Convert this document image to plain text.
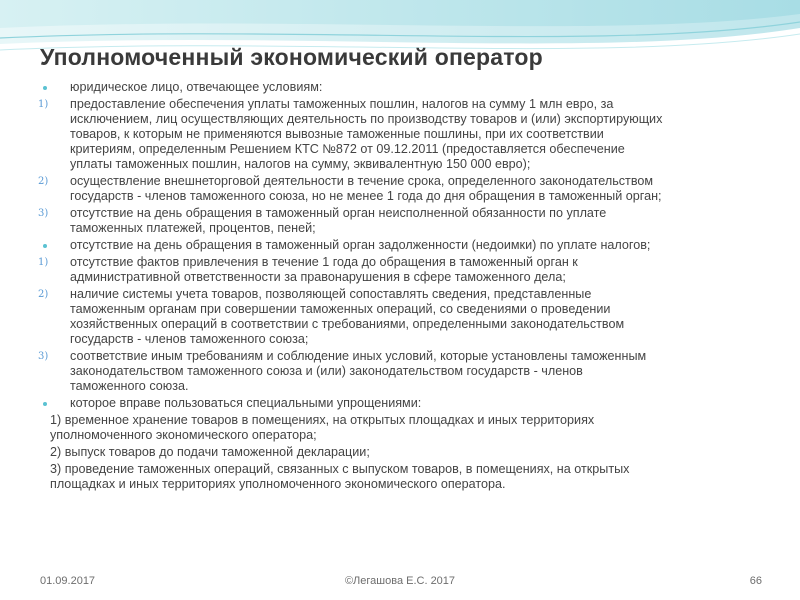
Уполномоченный экономический оператор
юридическое лицо, отвечающее условиям:
1) предоставление обеспечения уплаты таможенных пошлин, налогов на сумму 1 млн евро, за
исключением, лиц осуществляющих деятельность по производству товаров и (или) экспортирующих
товаров, к которым не применяются вывозные таможенные пошлины, при их соответствии
критериям, определенным Решением КТС №872 от 09.12.2011 (предоставляется обеспечение
уплаты таможенных пошлин, налогов на сумму, эквивалентную 150 000 евро);
2) осуществление внешнеторговой деятельности в течение срока, определенного законодательством
государств - членов таможенного союза, но не менее 1 года до дня обращения в таможенный орган;
3) отсутствие на день обращения в таможенный орган неисполненной обязанности по уплате
таможенных платежей, процентов, пеней;
отсутствие на день обращения в таможенный орган задолженности (недоимки) по уплате налогов;
1) отсутствие фактов привлечения в течение 1 года до обращения в таможенный орган к
административной ответственности за правонарушения в сфере таможенного дела;
2) наличие системы учета товаров, позволяющей сопоставлять сведения, представленные
таможенным органам при совершении таможенных операций, со сведениями о проведении
хозяйственных операций в соответствии с требованиями, определенными законодательством
государств - членов таможенного союза;
3) соответствие иным требованиям и соблюдение иных условий, которые установлены таможенным
законодательством таможенного союза и (или) законодательством государств - членов
таможенного союза.
которое вправе пользоваться специальными упрощениями:
1) временное хранение товаров в помещениях, на открытых площадках и иных территориях
уполномоченного экономического оператора;
2) выпуск товаров до подачи таможенной декларации;
3) проведение таможенных операций, связанных с выпуском товаров, в помещениях, на открытых
площадках и иных территориях уполномоченного экономического оператора.
01.09.2017	©Легашова Е.С. 2017	66
